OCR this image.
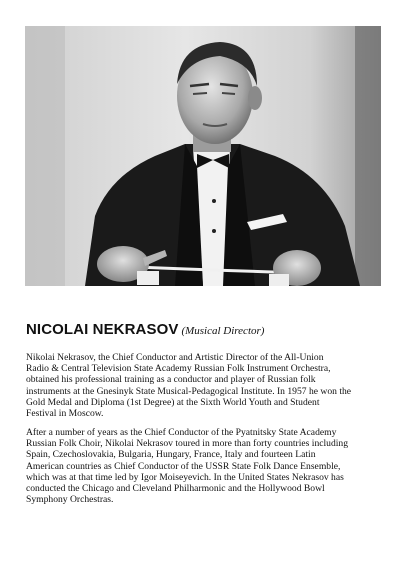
NICOLAI NEKRASOV (Musical Director)

Nikolai Nekrasov, the Chief Conductor and Artistic Director of the All-Union
Radio & Central Television State Academy Russian Folk Instrument Orchestra,
obtained his professional training as a conductor and player of Russian folk
instruments at the Gnesinyk State Musical-Pedagogical Institute. In 1957 he won the
Gold Medal and Diploma (1st Degree) at the Sixth World Youth and Student
Festival in Moscow.

After a number of years as the Chief Conductor of the Pyatnitsky State Academy
Russian Folk Choir, Nikolai Nekrasov toured in more than forty countries including
Spain, Czechoslovakia, Bulgaria, Hungary, France, Italy and fourteen Latin
American countries as Chief Conductor of the USSR State Folk Dance Ensemble,
which was at that time led by Igor Moiseyevich. In the United States Nekrasov has
conducted the Chicago and Cleveland Philharmonic and the Hollywood Bowl
Symphony Orchestras.
